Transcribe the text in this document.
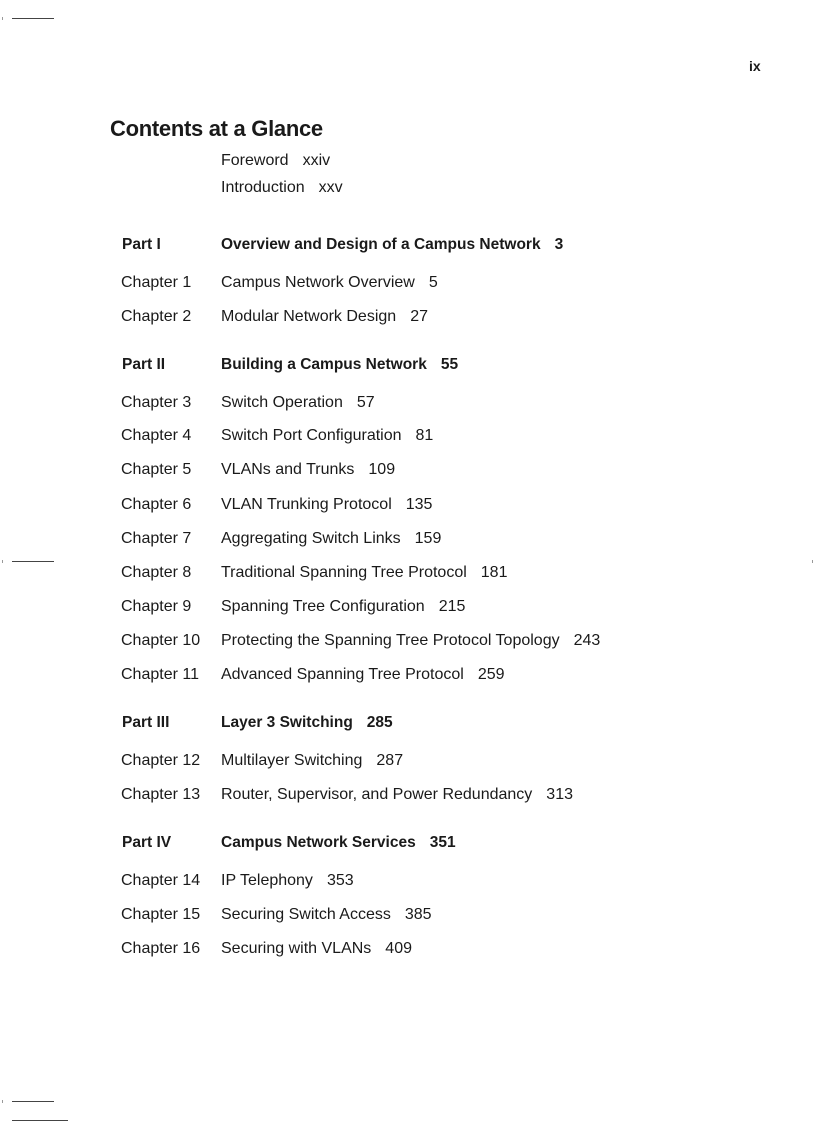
ix
Contents at a Glance
Foreword xxiv
Introduction xxv
Part I	Overview and Design of a Campus Network 3
Chapter 1 Campus Network Overview 5
Chapter 2 Modular Network Design 27
Part II	Building a Campus Network 55
Chapter 3 Switch Operation 57
Chapter 4 Switch Port Configuration 81
Chapter 5 VLANs and Trunks 109
Chapter 6 VLAN Trunking Protocol 135
Chapter 7 Aggregating Switch Links 159
Chapter 8 Traditional Spanning Tree Protocol 181
Chapter 9 Spanning Tree Configuration 215
Chapter 10 Protecting the Spanning Tree Protocol Topology 243
Chapter 11 Advanced Spanning Tree Protocol 259
Part III	Layer 3 Switching 285
Chapter 12 Multilayer Switching 287
Chapter 13 Router, Supervisor, and Power Redundancy 313
Part IV	Campus Network Services 351
Chapter 14 IP Telephony 353
Chapter 15 Securing Switch Access 385
Chapter 16 Securing with VLANs 409
